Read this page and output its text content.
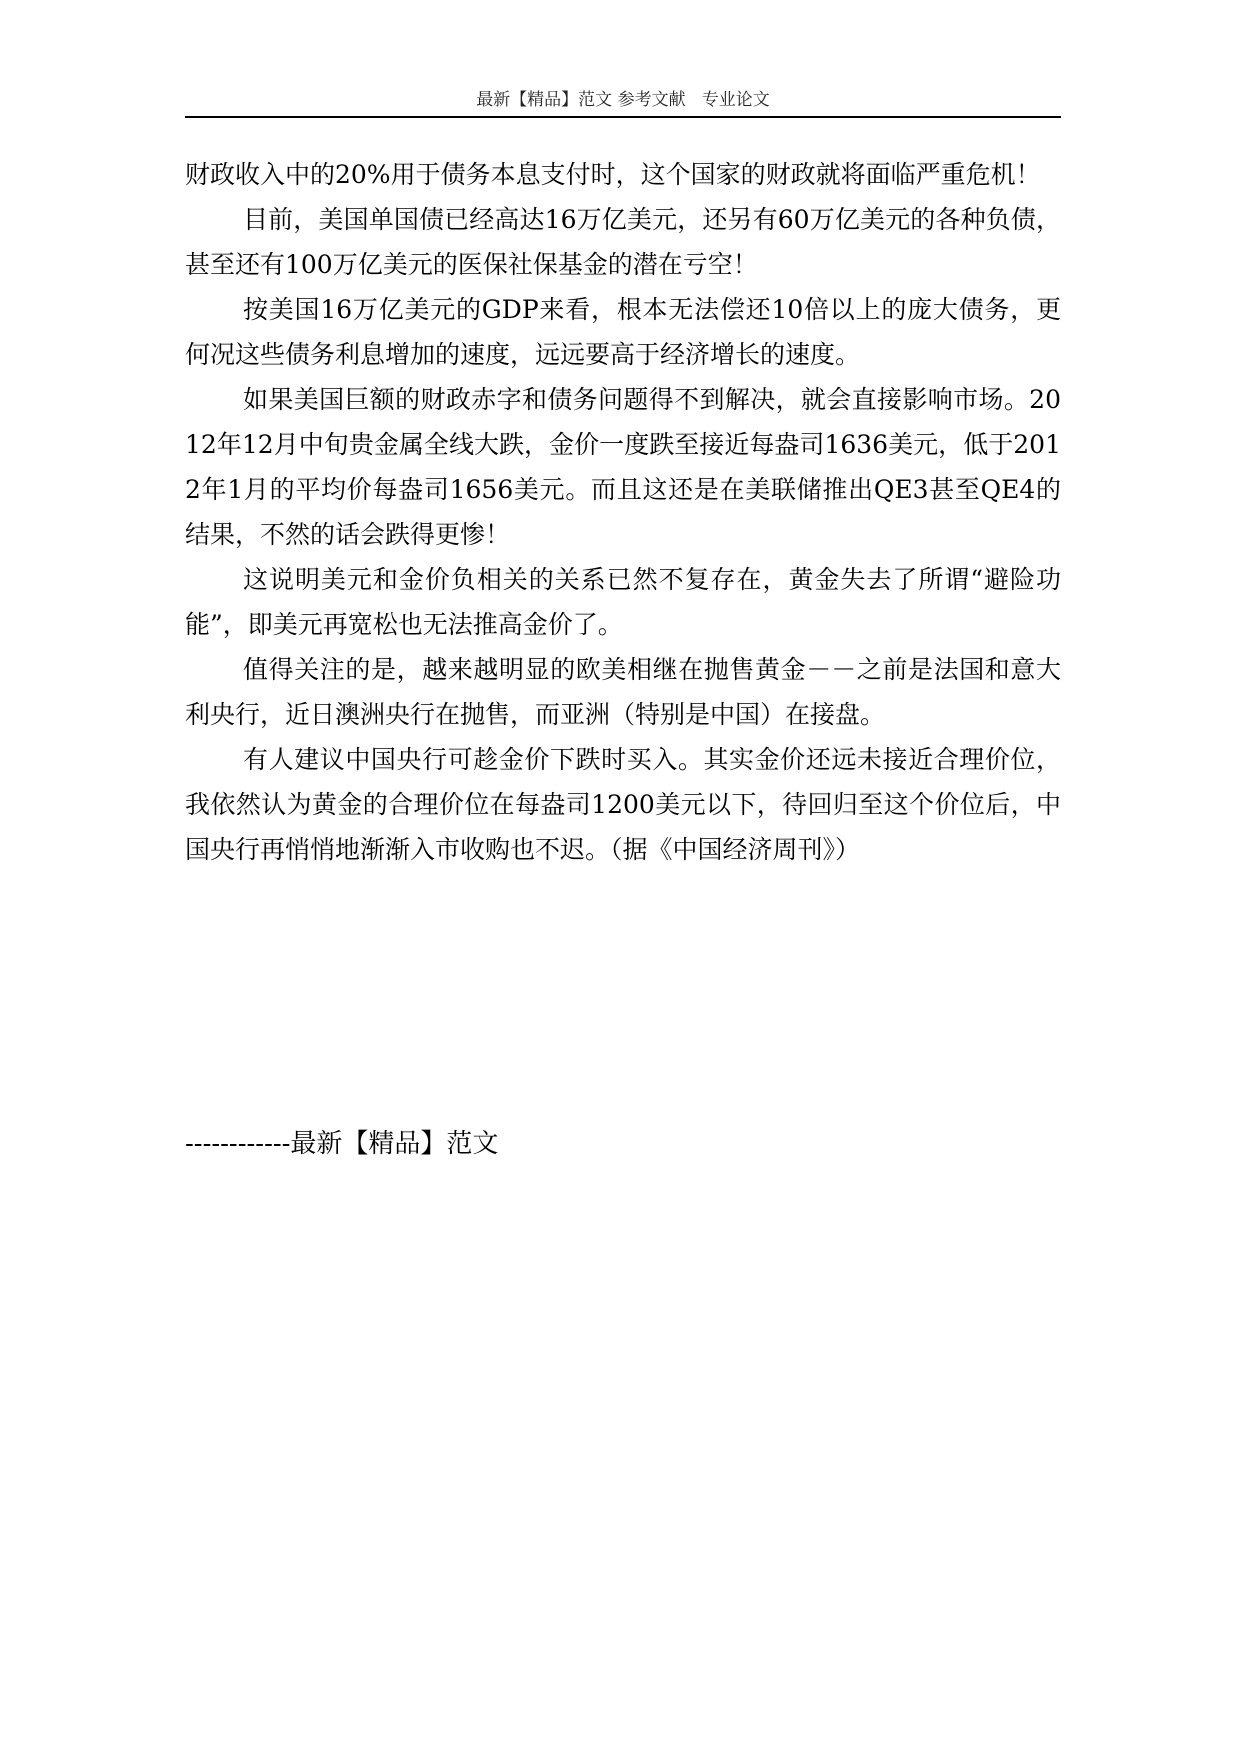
最新【精品】范文 参考文献   专业论文

财政收入中的20%用于债务本息支付时，这个国家的财政就将面临严重危机！

目前，美国单国债已经高达16万亿美元，还另有60万亿美元的各种负债，甚至还有100万亿美元的医保社保基金的潜在亏空！

按美国16万亿美元的GDP来看，根本无法偿还10倍以上的庞大债务，更何况这些债务利息增加的速度，远远要高于经济增长的速度。

如果美国巨额的财政赤字和债务问题得不到解决，就会直接影响市场。2012年12月中旬贵金属全线大跌，金价一度跌至接近每盎司1636美元，低于2012年1月的平均价每盎司1656美元。而且这还是在美联储推出QE3甚至QE4的结果，不然的话会跌得更惨！

这说明美元和金价负相关的关系已然不复存在，黄金失去了所谓“避险功能”，即美元再宽松也无法推高金价了。

值得关注的是，越来越明显的欧美相继在抛售黄金－－之前是法国和意大利央行，近日澳洲央行在抛售，而亚洲（特别是中国）在接盘。

有人建议中国央行可趁金价下跌时买入。其实金价还远未接近合理价位，我依然认为黄金的合理价位在每盎司1200美元以下，待回归至这个价位后，中国央行再悄悄地渐渐入市收购也不迟。（据《中国经济周刊》）

------------最新【精品】范文
